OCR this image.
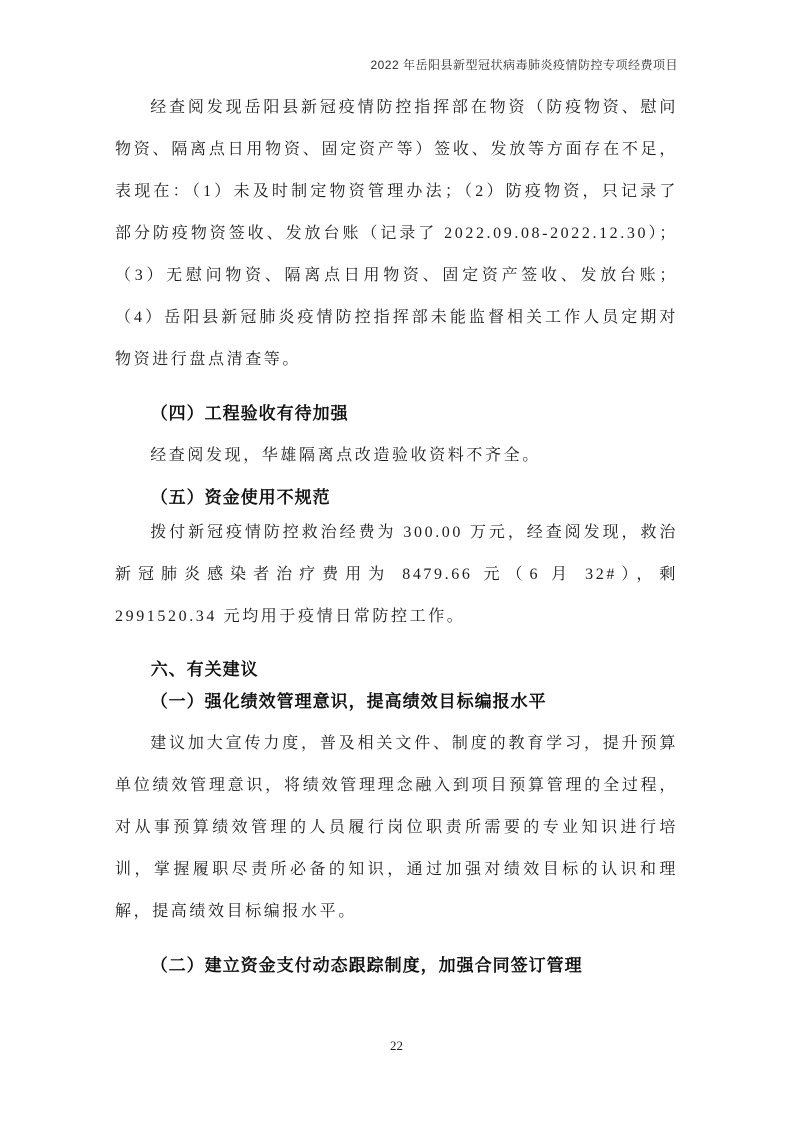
2022 年岳阳县新型冠状病毒肺炎疫情防控专项经费项目

经查阅发现岳阳县新冠疫情防控指挥部在物资（防疫物资、慰问物资、隔离点日用物资、固定资产等）签收、发放等方面存在不足，表现在：（1）未及时制定物资管理办法；（2）防疫物资，只记录了部分防疫物资签收、发放台账（记录了 2022.09.08-2022.12.30）；（3）无慰问物资、隔离点日用物资、固定资产签收、发放台账；（4）岳阳县新冠肺炎疫情防控指挥部未能监督相关工作人员定期对物资进行盘点清查等。

（四）工程验收有待加强

经查阅发现，华雄隔离点改造验收资料不齐全。

（五）资金使用不规范

拨付新冠疫情防控救治经费为 300.00 万元，经查阅发现，救治新冠肺炎感染者治疗费用为 8479.66 元（6 月 32#），剩 2991520.34 元均用于疫情日常防控工作。

六、有关建议
（一）强化绩效管理意识，提高绩效目标编报水平

建议加大宣传力度，普及相关文件、制度的教育学习，提升预算单位绩效管理意识，将绩效管理理念融入到项目预算管理的全过程，对从事预算绩效管理的人员履行岗位职责所需要的专业知识进行培训，掌握履职尽责所必备的知识，通过加强对绩效目标的认识和理解，提高绩效目标编报水平。

（二）建立资金支付动态跟踪制度，加强合同签订管理
22
